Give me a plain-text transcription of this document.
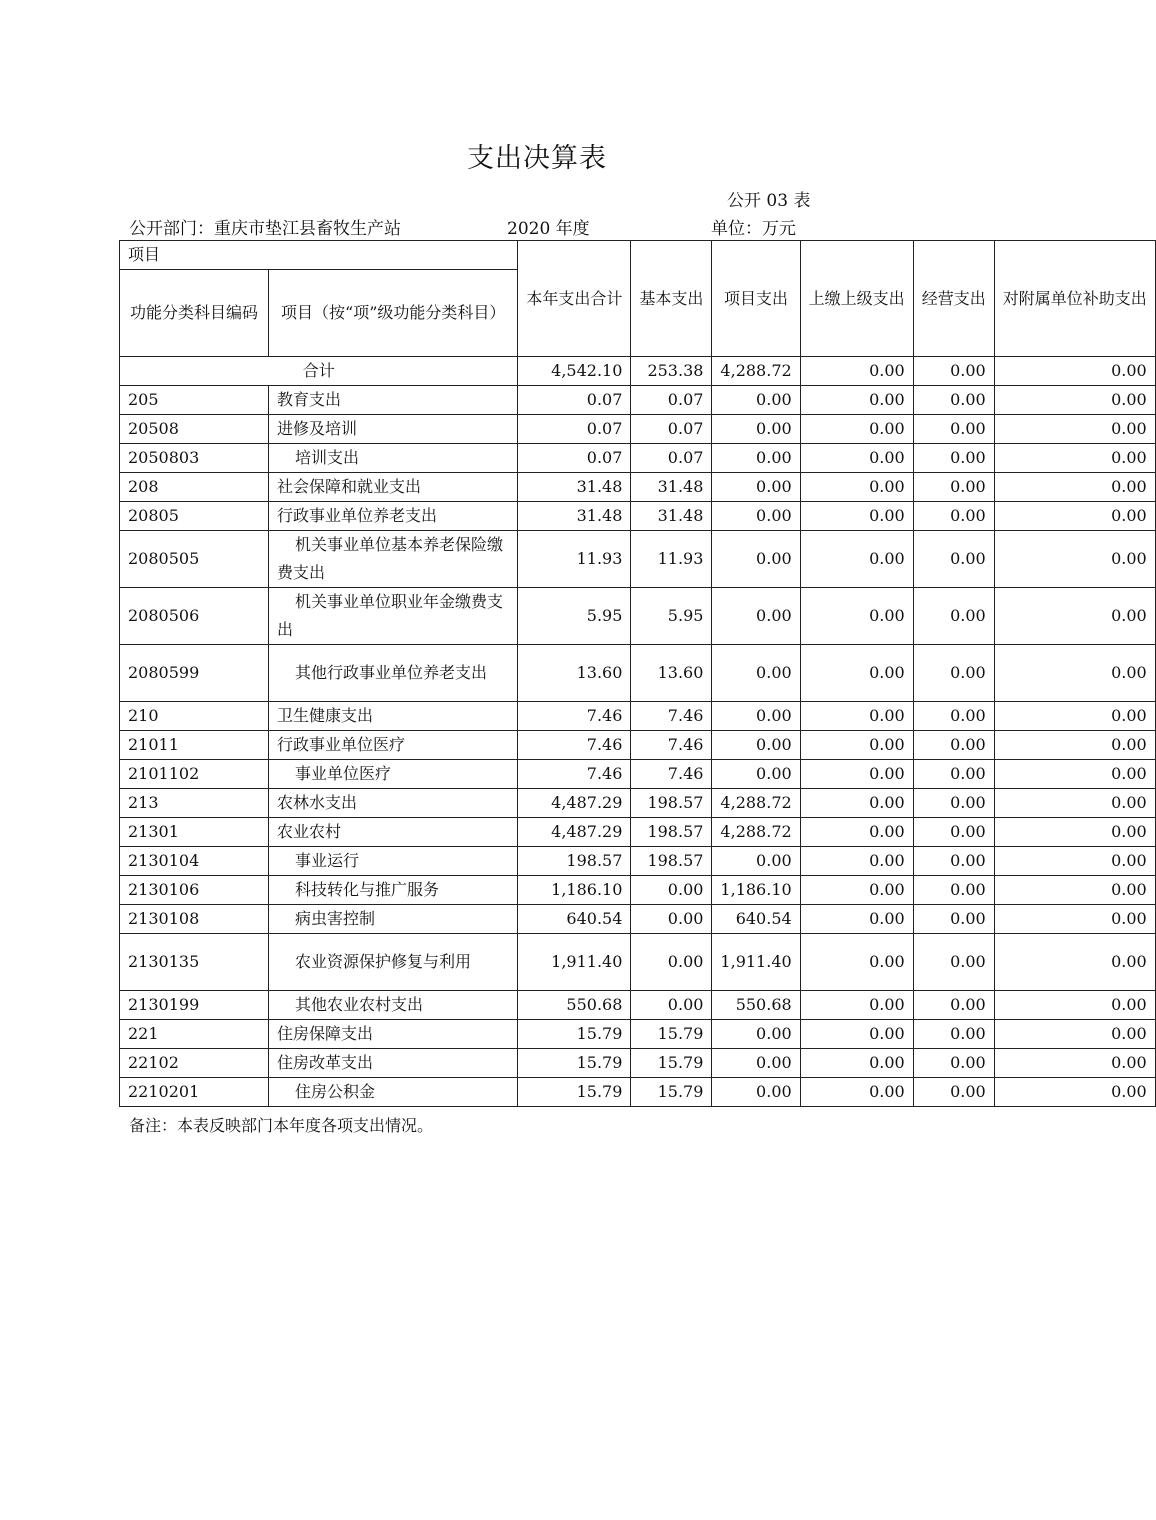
支出决算表
公开 03 表
公开部门：重庆市垫江县畜牧生产站	2020 年度	单位：万元
项目		本年支出合计	基本支出	项目支出	上缴上级支出	经营支出	对附属单位补助支出
功能分类科目编码	项目（按“项”级功能分类科目）						
合计		4,542.10	253.38	4,288.72	0.00	0.00	0.00
205	教育支出	0.07	0.07	0.00	0.00	0.00	0.00
20508	进修及培训	0.07	0.07	0.00	0.00	0.00	0.00
2050803	培训支出	0.07	0.07	0.00	0.00	0.00	0.00
208	社会保障和就业支出	31.48	31.48	0.00	0.00	0.00	0.00
20805	行政事业单位养老支出	31.48	31.48	0.00	0.00	0.00	0.00
2080505	机关事业单位基本养老保险缴费支出	11.93	11.93	0.00	0.00	0.00	0.00
2080506	机关事业单位职业年金缴费支出	5.95	5.95	0.00	0.00	0.00	0.00
2080599	其他行政事业单位养老支出	13.60	13.60	0.00	0.00	0.00	0.00
210	卫生健康支出	7.46	7.46	0.00	0.00	0.00	0.00
21011	行政事业单位医疗	7.46	7.46	0.00	0.00	0.00	0.00
2101102	事业单位医疗	7.46	7.46	0.00	0.00	0.00	0.00
213	农林水支出	4,487.29	198.57	4,288.72	0.00	0.00	0.00
21301	农业农村	4,487.29	198.57	4,288.72	0.00	0.00	0.00
2130104	事业运行	198.57	198.57	0.00	0.00	0.00	0.00
2130106	科技转化与推广服务	1,186.10	0.00	1,186.10	0.00	0.00	0.00
2130108	病虫害控制	640.54	0.00	640.54	0.00	0.00	0.00
2130135	农业资源保护修复与利用	1,911.40	0.00	1,911.40	0.00	0.00	0.00
2130199	其他农业农村支出	550.68	0.00	550.68	0.00	0.00	0.00
221	住房保障支出	15.79	15.79	0.00	0.00	0.00	0.00
22102	住房改革支出	15.79	15.79	0.00	0.00	0.00	0.00
2210201	住房公积金	15.79	15.79	0.00	0.00	0.00	0.00
备注：本表反映部门本年度各项支出情况。
